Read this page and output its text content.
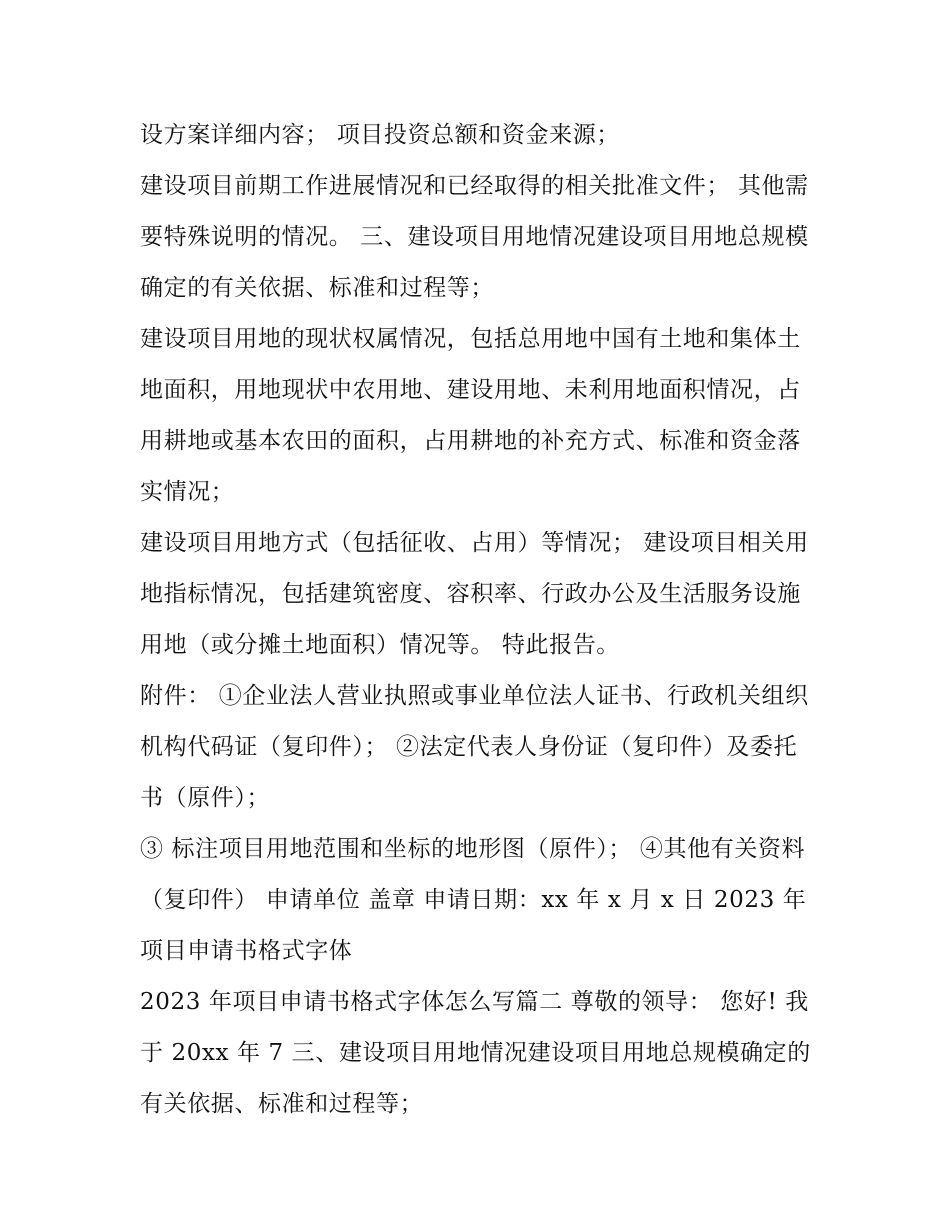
设方案详细内容； 项目投资总额和资金来源；

建设项目前期工作进展情况和已经取得的相关批准文件； 其他需要特殊说明的情况。 三、建设项目用地情况建设项目用地总规模确定的有关依据、标准和过程等；

建设项目用地的现状权属情况，包括总用地中国有土地和集体土地面积，用地现状中农用地、建设用地、未利用地面积情况，占用耕地或基本农田的面积，占用耕地的补充方式、标准和资金落实情况；

建设项目用地方式（包括征收、占用）等情况； 建设项目相关用地指标情况，包括建筑密度、容积率、行政办公及生活服务设施用地（或分摊土地面积）情况等。 特此报告。

附件： ①企业法人营业执照或事业单位法人证书、行政机关组织机构代码证（复印件）； ②法定代表人身份证（复印件）及委托书（原件）；

③ 标注项目用地范围和坐标的地形图（原件）； ④其他有关资料（复印件） 申请单位 盖章 申请日期：xx 年 x 月 x 日 2023 年项目申请书格式字体

2023 年项目申请书格式字体怎么写篇二 尊敬的领导： 您好! 我于 20xx 年 7 三、建设项目用地情况建设项目用地总规模确定的有关依据、标准和过程等；
